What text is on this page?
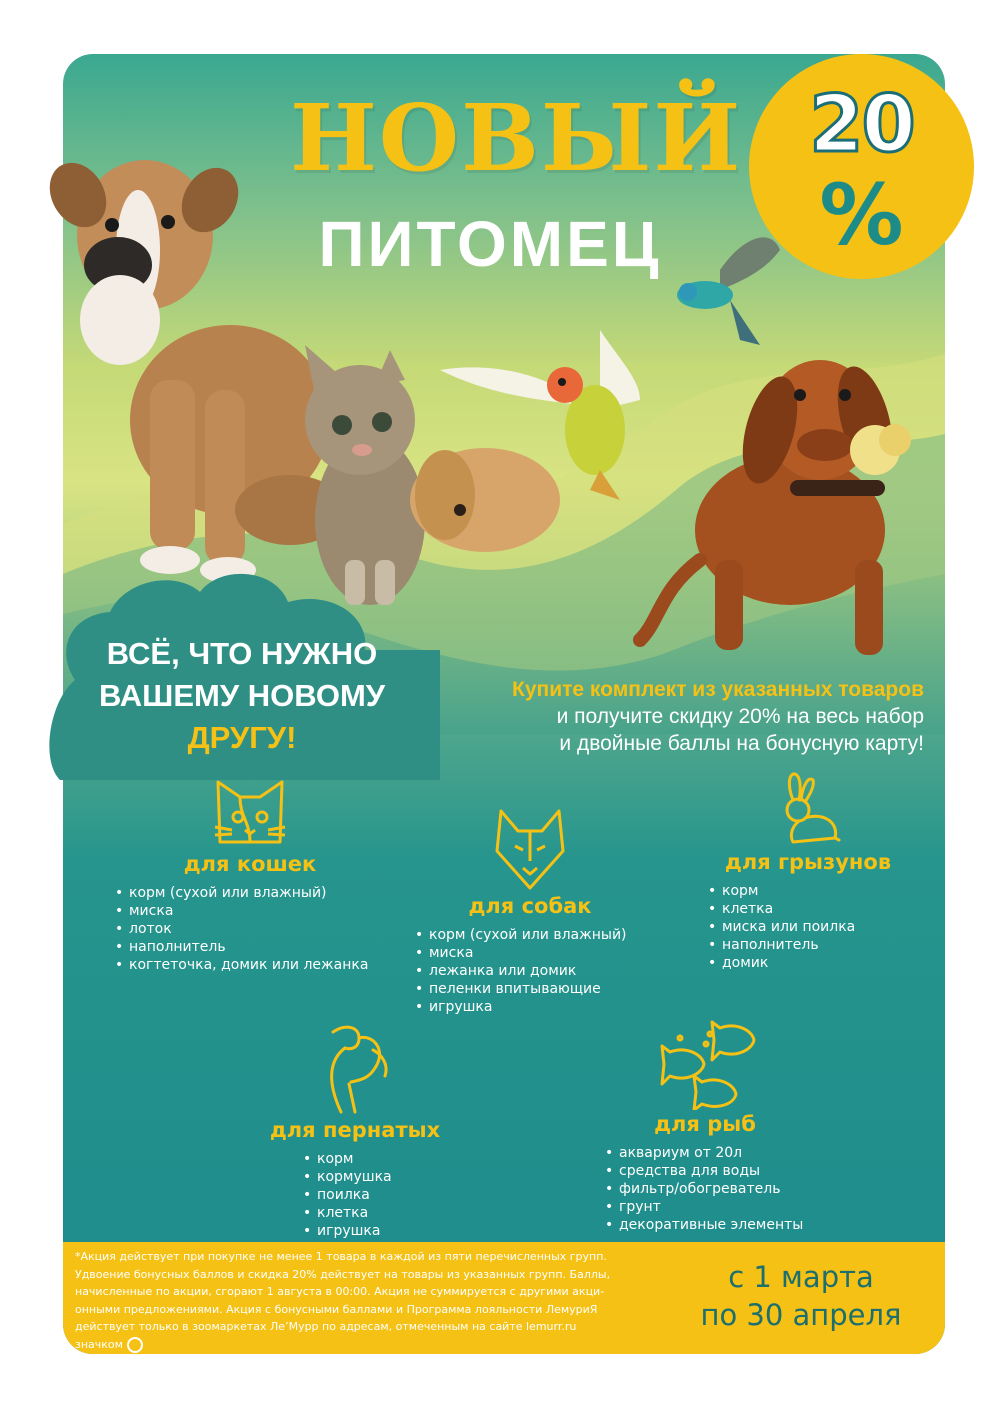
20
%
НОВЫЙ
ПИТОМЕЦ
ВСЁ, ЧТО НУЖНО
ВАШЕМУ НОВОМУ
ДРУГУ!
Купите комплект из указанных товаров
и получите скидку 20% на весь набор
и двойные баллы на бонусную карту!
для кошек
• корм (сухой или влажный)
• миска
• лоток
• наполнитель
• когтеточка, домик или лежанка
для собак
• корм (сухой или влажный)
• миска
• лежанка или домик
• пеленки впитывающие
• игрушка
для грызунов
• корм
• клетка
• миска или поилка
• наполнитель
• домик
для пернатых
• корм
• кормушка
• поилка
• клетка
• игрушка
для рыб
• аквариум от 20л
• средства для воды
• фильтр/обогреватель
• грунт
• декоративные элементы
*Акция действует при покупке не менее 1 товара в каждой из пяти перечисленных групп.
Удвоение бонусных баллов и скидка 20% действует на товары из указанных групп. Баллы,
начисленные по акции, сгорают 1 августа в 00:00. Акция не суммируется с другими акци-
онными предложениями. Акция с бонусными баллами и Программа лояльности ЛемуриЯ
действует только в зоомаркетах Ле’Мурр по адресам, отмеченным на сайте lemurr.ru
значком
с 1 марта
по 30 апреля
